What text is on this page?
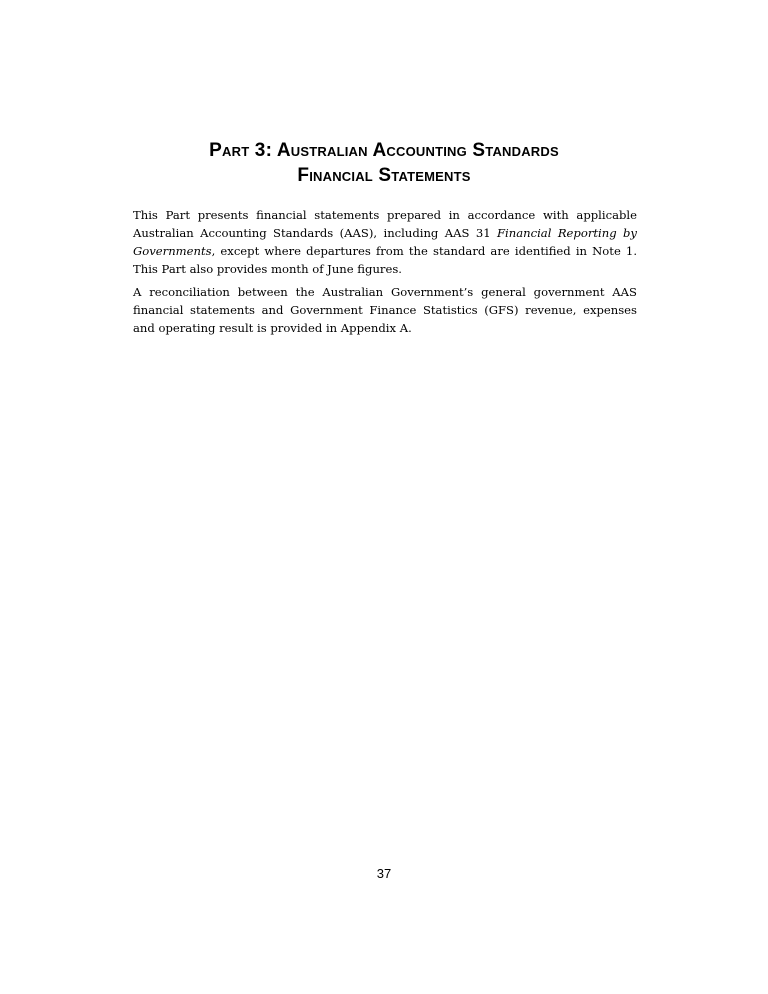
Part 3: Australian Accounting Standards
Financial Statements

This Part presents financial statements prepared in accordance with applicable Australian Accounting Standards (AAS), including AAS 31 Financial Reporting by Governments, except where departures from the standard are identified in Note 1. This Part also provides month of June figures.

A reconciliation between the Australian Government’s general government AAS financial statements and Government Finance Statistics (GFS) revenue, expenses and operating result is provided in Appendix A.

37
